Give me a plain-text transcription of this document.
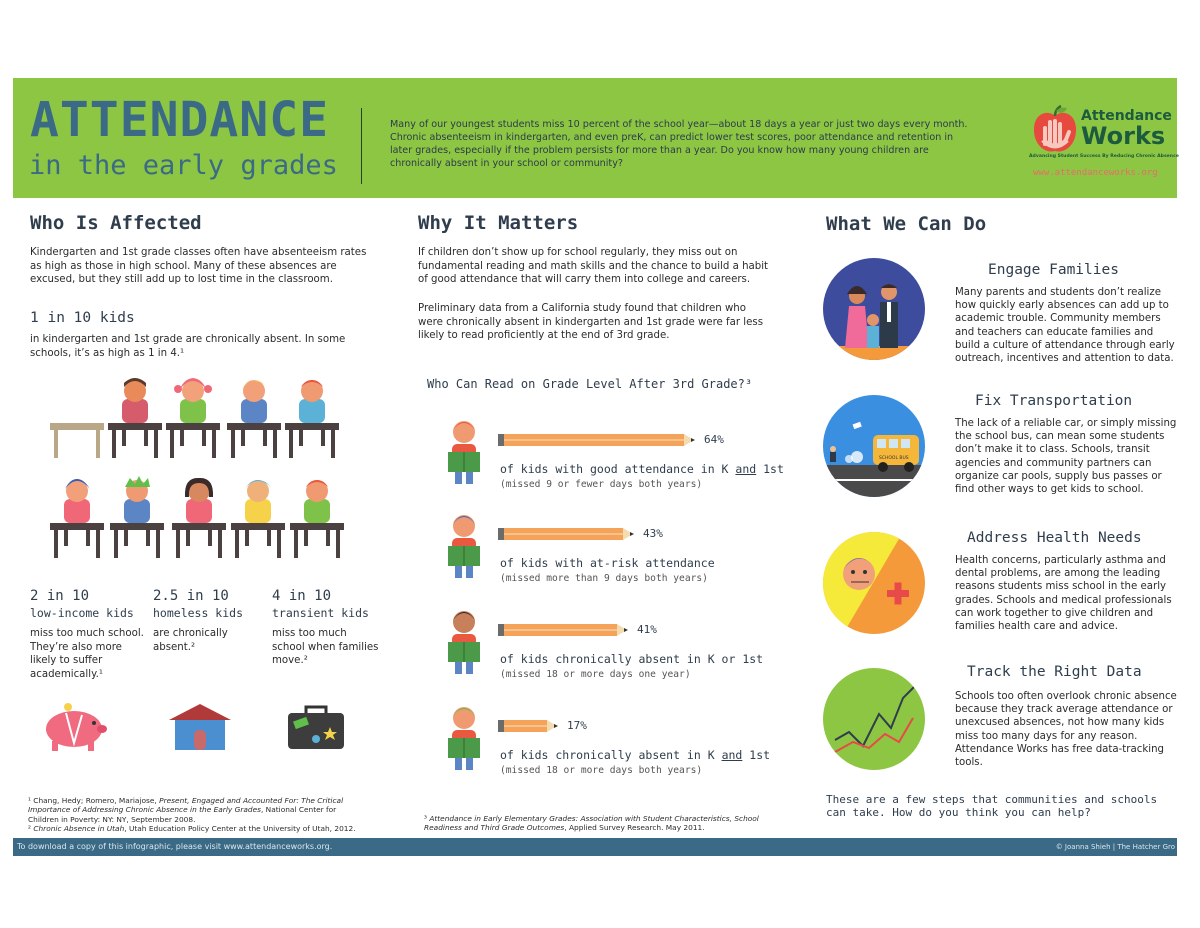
ATTENDANCE
in the early grades
Many of our youngest students miss 10 percent of the school year—about 18 days a year or just two days every month. Chronic absenteeism in kindergarten, and even preK, can predict lower test scores, poor attendance and retention in later grades, especially if the problem persists for more than a year. Do you know how many young children are chronically absent in your school or community?
Attendance
Works
Advancing Student Success By Reducing Chronic Absence
www.attendanceworks.org
Who Is Affected
Kindergarten and 1st grade classes often have absenteeism rates as high as those in high school. Many of these absences are excused, but they still add up to lost time in the classroom.
1 in 10 kids
in kindergarten and 1st grade are chronically absent. In some schools, it’s as high as 1 in 4.¹
2 in 10
low-income kids
miss too much school. They’re also more likely to suffer academically.¹
2.5 in 10
homeless kids
are chronically absent.²
4 in 10
transient kids
miss too much school when families move.²
¹ Chang, Hedy; Romero, Mariajose, Present, Engaged and Accounted For: The Critical Importance of Addressing Chronic Absence in the Early Grades, National Center for Children in Poverty: NY: NY, September 2008.
² Chronic Absence in Utah, Utah Education Policy Center at the University of Utah, 2012.
Why It Matters
If children don’t show up for school regularly, they miss out on fundamental reading and math skills and the chance to build a habit of good attendance that will carry them into college and careers.
Preliminary data from a California study found that children who were chronically absent in kindergarten and 1st grade were far less likely to read proficiently at the end of 3rd grade.
Who Can Read on Grade Level After 3rd Grade?³
64%
of kids with good attendance in K and 1st
(missed 9 or fewer days both years)
43%
of kids with at-risk attendance
(missed more than 9 days both years)
41%
of kids chronically absent in K or 1st
(missed 18 or more days one year)
17%
of kids chronically absent in K and 1st
(missed 18 or more days both years)
³ Attendance in Early Elementary Grades: Association with Student Characteristics, School Readiness and Third Grade Outcomes, Applied Survey Research. May 2011.
What We Can Do
Engage Families
Many parents and students don’t realize how quickly early absences can add up to academic trouble. Community members and teachers can educate families and build a culture of attendance through early outreach, incentives and attention to data.
SCHOOL BUS
Fix Transportation
The lack of a reliable car, or simply missing the school bus, can mean some students don’t make it to class. Schools, transit agencies and community partners can organize car pools, supply bus passes or find other ways to get kids to school.
Address Health Needs
Health concerns, particularly asthma and dental problems, are among the leading reasons students miss school in the early grades. Schools and medical professionals can work together to give children and families health care and advice.
Track the Right Data
Schools too often overlook chronic absence because they track average attendance or unexcused absences, not how many kids miss too many days for any reason. Attendance Works has free data-tracking tools.
These are a few steps that communities and schools can take. How do you think you can help?
To download a copy of this infographic, please visit www.attendanceworks.org.	© Joanna Shieh | The Hatcher Gro
